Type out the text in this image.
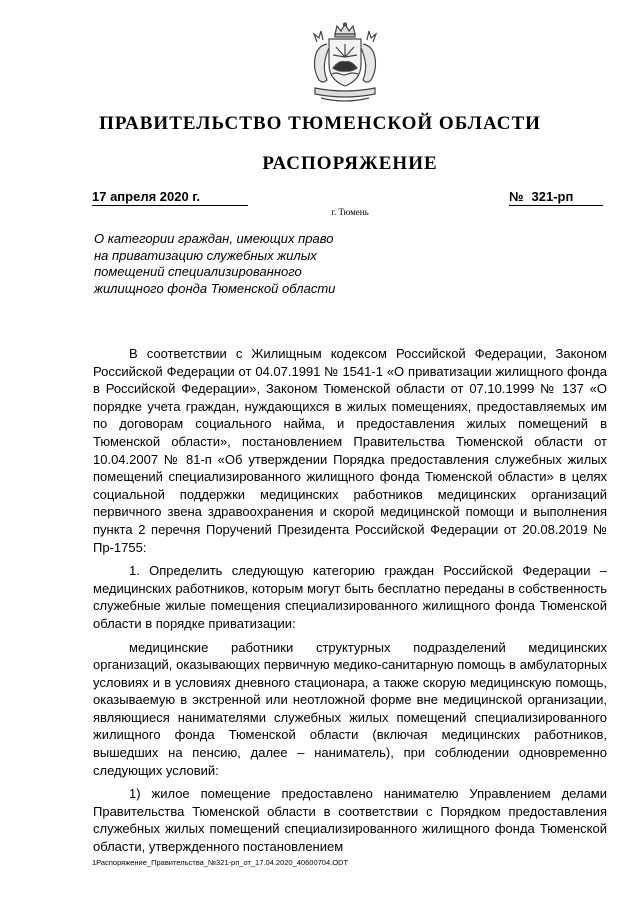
ПРАВИТЕЛЬСТВО ТЮМЕНСКОЙ ОБЛАСТИ
РАСПОРЯЖЕНИЕ
17 апреля 2020 г.	№ 321-рп
г. Тюмень
О категории граждан, имеющих право
на приватизацию служебных жилых
помещений специализированного
жилищного фонда Тюменской области

В соответствии с Жилищным кодексом Российской Федерации, Законом Российской Федерации от 04.07.1991 № 1541-1 «О приватизации жилищного фонда в Российской Федерации», Законом Тюменской области от 07.10.1999 № 137 «О порядке учета граждан, нуждающихся в жилых помещениях, предоставляемых им по договорам социального найма, и предоставления жилых помещений в Тюменской области», постановлением Правительства Тюменской области от 10.04.2007 № 81-п «Об утверждении Порядка предоставления служебных жилых помещений специализированного жилищного фонда Тюменской области» в целях социальной поддержки медицинских работников медицинских организаций первичного звена здравоохранения и скорой медицинской помощи и выполнения пункта 2 перечня Поручений Президента Российской Федерации от 20.08.2019 № Пр-1755:

1. Определить следующую категорию граждан Российской Федерации – медицинских работников, которым могут быть бесплатно переданы в собственность служебные жилые помещения специализированного жилищного фонда Тюменской области в порядке приватизации:

медицинские работники структурных подразделений медицинских организаций, оказывающих первичную медико-санитарную помощь в амбулаторных условиях и в условиях дневного стационара, а также скорую медицинскую помощь, оказываемую в экстренной или неотложной форме вне медицинской организации, являющиеся нанимателями служебных жилых помещений специализированного жилищного фонда Тюменской области (включая медицинских работников, вышедших на пенсию, далее – наниматель), при соблюдении одновременно следующих условий:

1) жилое помещение предоставлено нанимателю Управлением делами Правительства Тюменской области в соответствии с Порядком предоставления служебных жилых помещений специализированного жилищного фонда Тюменской области, утвержденного постановлением

1Распоряжение_Правительства_№321-рп_от_17.04.2020_40600704.ODT
